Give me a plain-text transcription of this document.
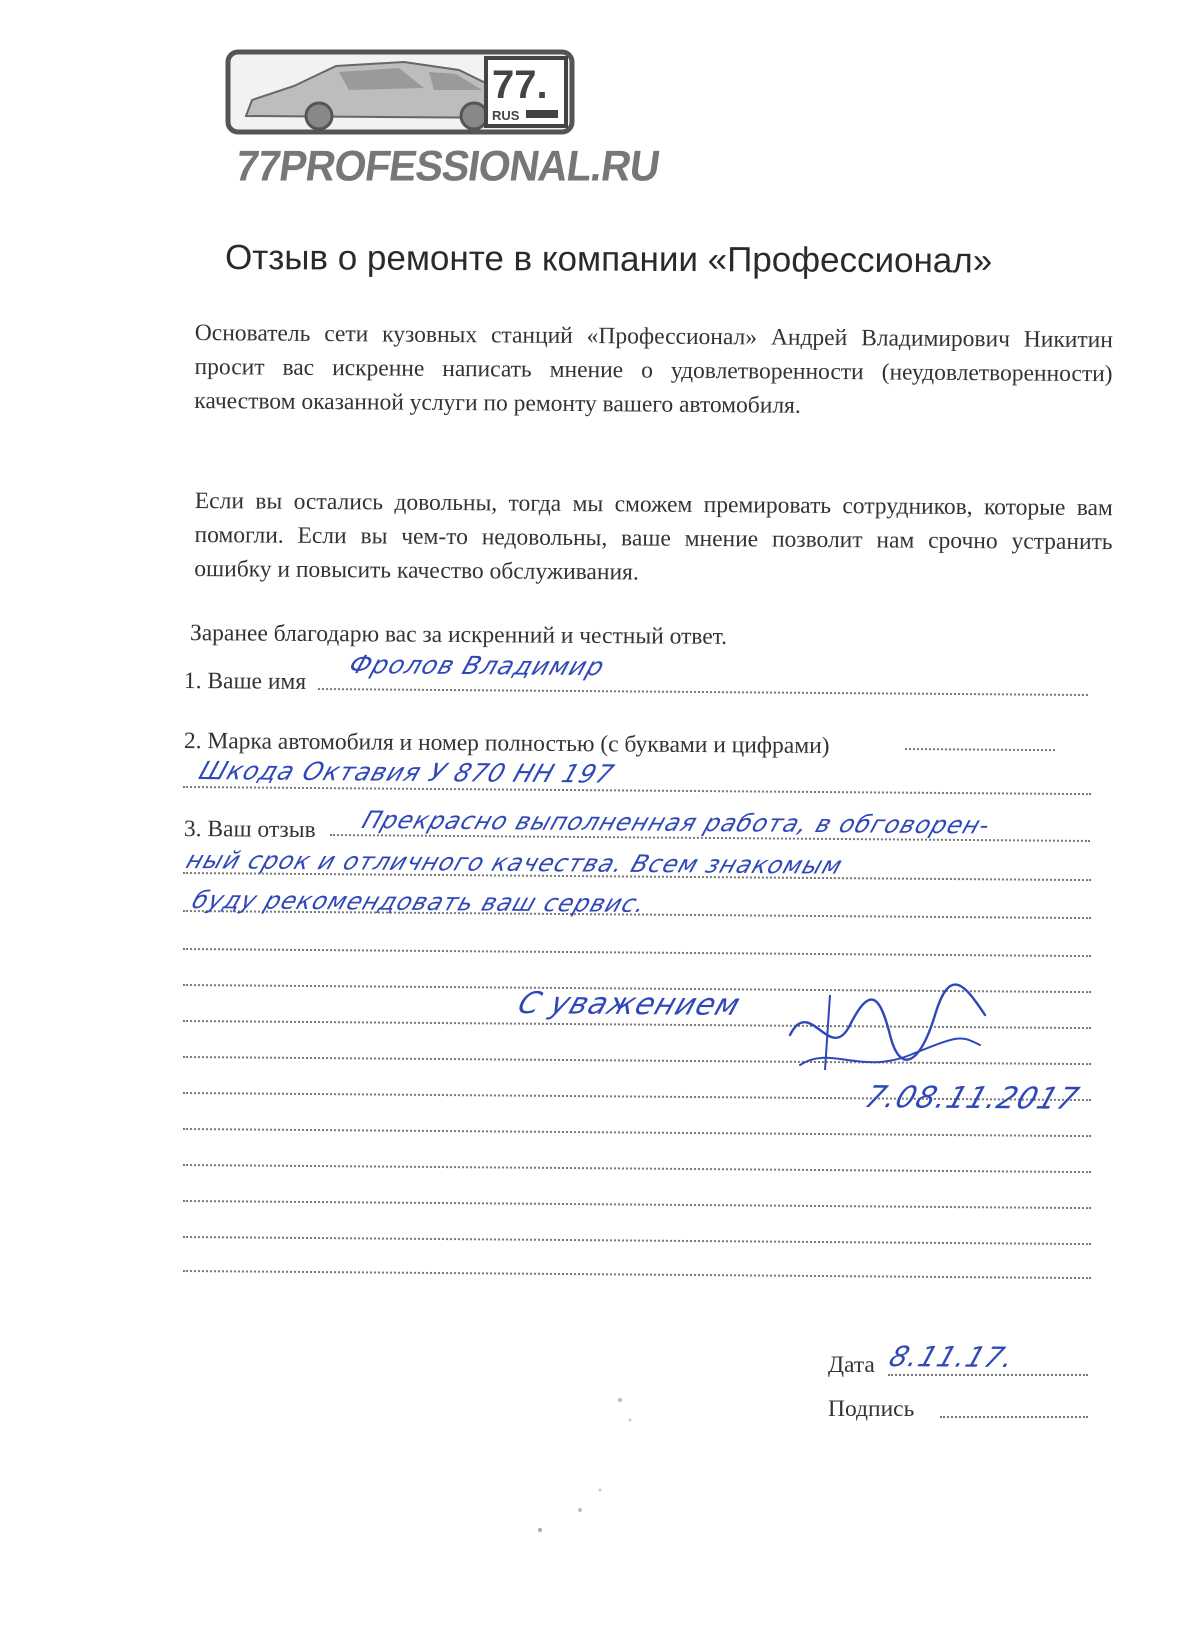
77.
RUS
77PROFESSIONAL.RU
Отзыв о ремонте в компании «Профессионал»
Основатель сети кузовных станций «Профессионал» Андрей Владимирович Никитин просит вас искренне написать мнение о удовлетворенности (неудовлетворенности) качеством оказанной услуги по ремонту вашего автомобиля.
Если вы остались довольны, тогда мы сможем премировать сотрудников, которые вам помогли. Если вы чем-то недовольны, ваше мнение позволит нам срочно устранить ошибку и повысить качество обслуживания.
Заранее благодарю вас за искренний и честный ответ.
1. Ваше имя
Фролов Владимир
2. Марка автомобиля и номер полностью (с буквами и цифрами)
Шкода Октавия У 870 НН 197
3. Ваш отзыв Прекрасно выполненная работа, в обговорен-
ный срок и отличного качества. Всем знакомым
буду рекомендовать ваш сервис.
С уважением
7.08.11.2017
Дата 8.11.17.
Подпись
